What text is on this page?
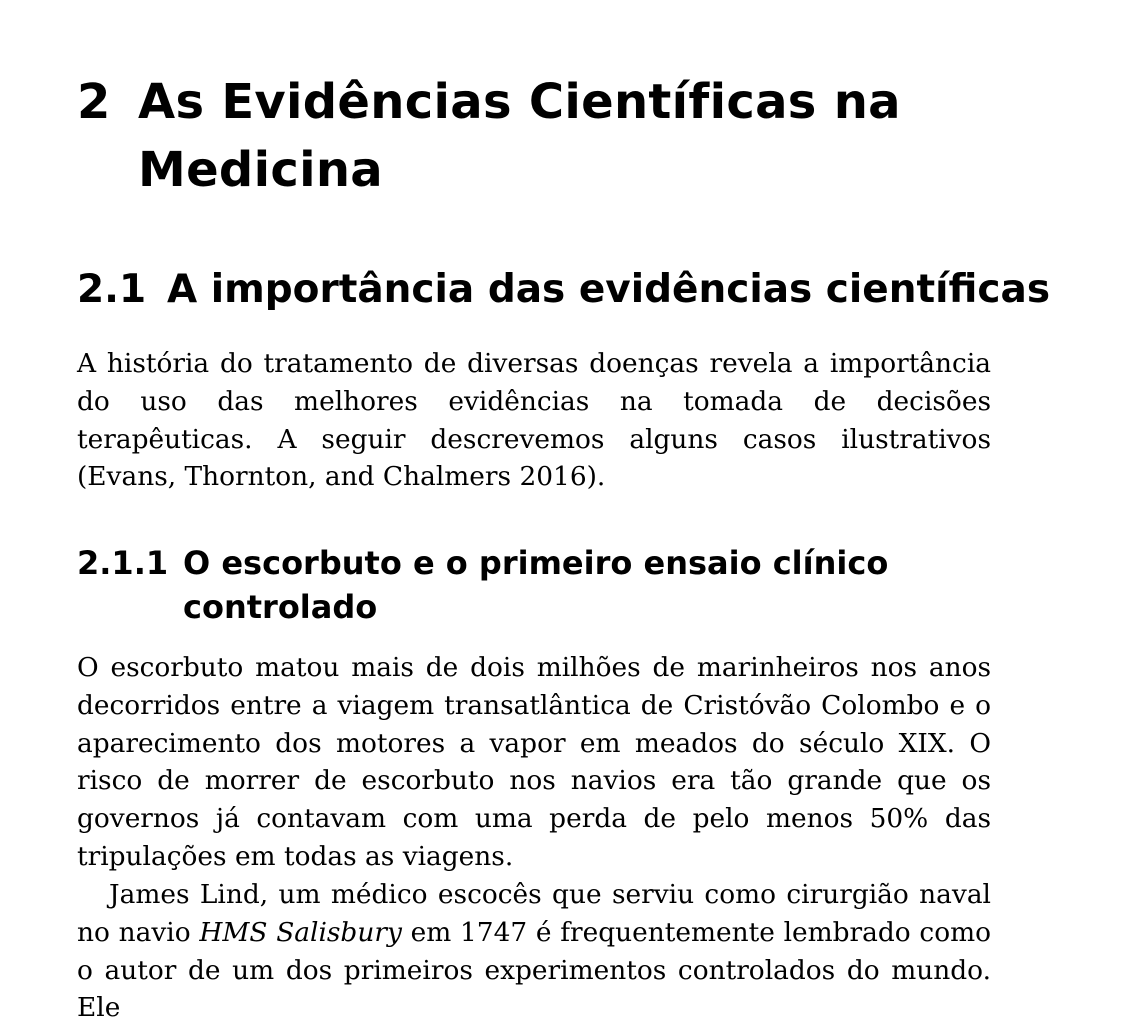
2 As Evidências Científicas na Medicina
2.1 A importância das evidências científicas

A história do tratamento de diversas doenças revela a importância do uso das melhores evidências na tomada de decisões terapêuticas. A seguir descrevemos alguns casos ilustrativos (Evans, Thornton, and Chalmers 2016).

2.1.1 O escorbuto e o primeiro ensaio clínico controlado

O escorbuto matou mais de dois milhões de marinheiros nos anos decorridos entre a viagem transatlântica de Cristóvão Colombo e o aparecimento dos motores a vapor em meados do século XIX. O risco de morrer de escorbuto nos navios era tão grande que os governos já contavam com uma perda de pelo menos 50% das tripulações em todas as viagens.

James Lind, um médico escocês que serviu como cirurgião naval no navio HMS Salisbury em 1747 é frequentemente lembrado como o autor de um dos primeiros experimentos controlados do mundo. Ele
